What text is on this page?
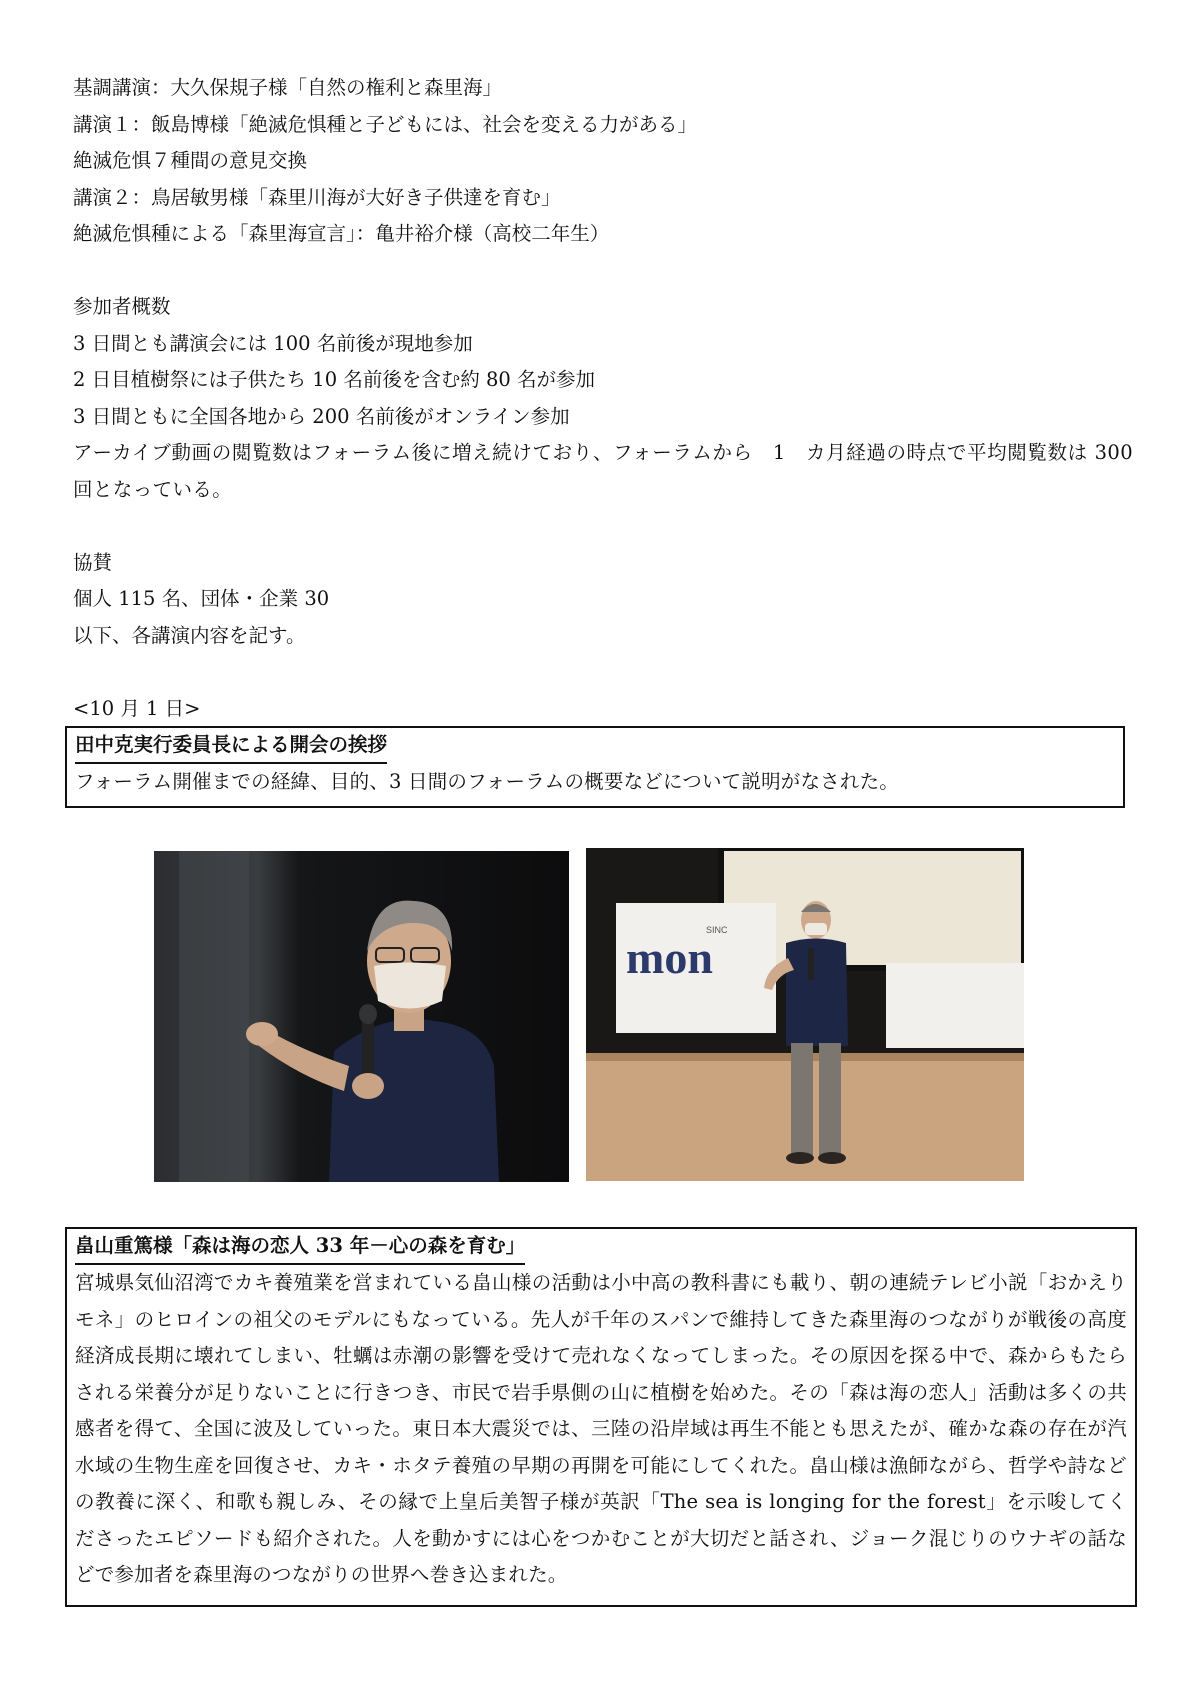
基調講演：大久保規子様「自然の権利と森里海」
講演１：飯島博様「絶滅危惧種と子どもには、社会を変える力がある」
絶滅危惧７種間の意見交換
講演２：鳥居敏男様「森里川海が大好き子供達を育む」
絶滅危惧種による「森里海宣言」：亀井裕介様（高校二年生）
参加者概数
3 日間とも講演会には 100 名前後が現地参加
2 日目植樹祭には子供たち 10 名前後を含む約 80 名が参加
3 日間ともに全国各地から 200 名前後がオンライン参加
アーカイブ動画の閲覧数はフォーラム後に増え続けており、フォーラムから　1　カ月経過の時点で平均閲覧数は 300 回となっている。
協賛
個人 115 名、団体・企業 30
以下、各講演内容を記す。
<10 月 1 日>
田中克実行委員長による開会の挨拶
フォーラム開催までの経緯、目的、3 日間のフォーラムの概要などについて説明がなされた。
mon
SINC
畠山重篤様「森は海の恋人 33 年－心の森を育む」
宮城県気仙沼湾でカキ養殖業を営まれている畠山様の活動は小中高の教科書にも載り、朝の連続テレビ小説「おかえりモネ」のヒロインの祖父のモデルにもなっている。先人が千年のスパンで維持してきた森里海のつながりが戦後の高度経済成長期に壊れてしまい、牡蠣は赤潮の影響を受けて売れなくなってしまった。その原因を探る中で、森からもたらされる栄養分が足りないことに行きつき、市民で岩手県側の山に植樹を始めた。その「森は海の恋人」活動は多くの共感者を得て、全国に波及していった。東日本大震災では、三陸の沿岸域は再生不能とも思えたが、確かな森の存在が汽水域の生物生産を回復させ、カキ・ホタテ養殖の早期の再開を可能にしてくれた。畠山様は漁師ながら、哲学や詩などの教養に深く、和歌も親しみ、その縁で上皇后美智子様が英訳「The sea is longing for the forest」を示唆してくださったエピソードも紹介された。人を動かすには心をつかむことが大切だと話され、ジョーク混じりのウナギの話などで参加者を森里海のつながりの世界へ巻き込まれた。
